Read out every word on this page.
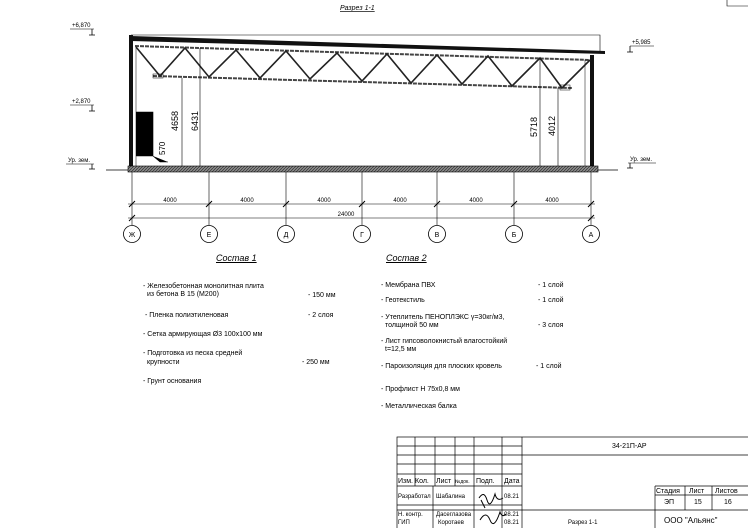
Разрез 1-1
+6,870
+2,870
Ур. зем.
+5,985
Ур. зем.
2300
570
4658 6431	5718 4012
4000	4000	4000	4000	4000	4000
24000
Ж	Е	Д	Г	В	Б	А
Состав 1
- Железобетонная монолитная плита
из бетона В 15 (М200)	- 150 мм
- Пленка полиэтиленовая	- 2 слоя
- Сетка армирующая Ø3 100х100 мм
- Подготовка из песка средней
крупности	- 250 мм
- Грунт основания
Состав 2
- Мембрана ПВХ	- 1 слой
- Геотекстиль	- 1 слой
- Утеплитель ПЕНОПЛЭКС γ=30кг/м3,
толщиной 50 мм	- 3 слоя
- Лист гипсоволокнистый влагостойкий
t=12,5 мм
- Пароизоляция для плоских кровель	- 1 слой
- Профлист Н 75х0,8 мм
- Металлическая балка
34-21П-АР
Изм. Кол. Лист №док. Подп. Дата
Разработал Шабалина	08.21
Н. контр. Дасеглазова	08.21
ГИП	Коротаев	08.21	Разрез 1-1
Стадия Лист Листов
ЭП	15	16
ООО "Альянс"
